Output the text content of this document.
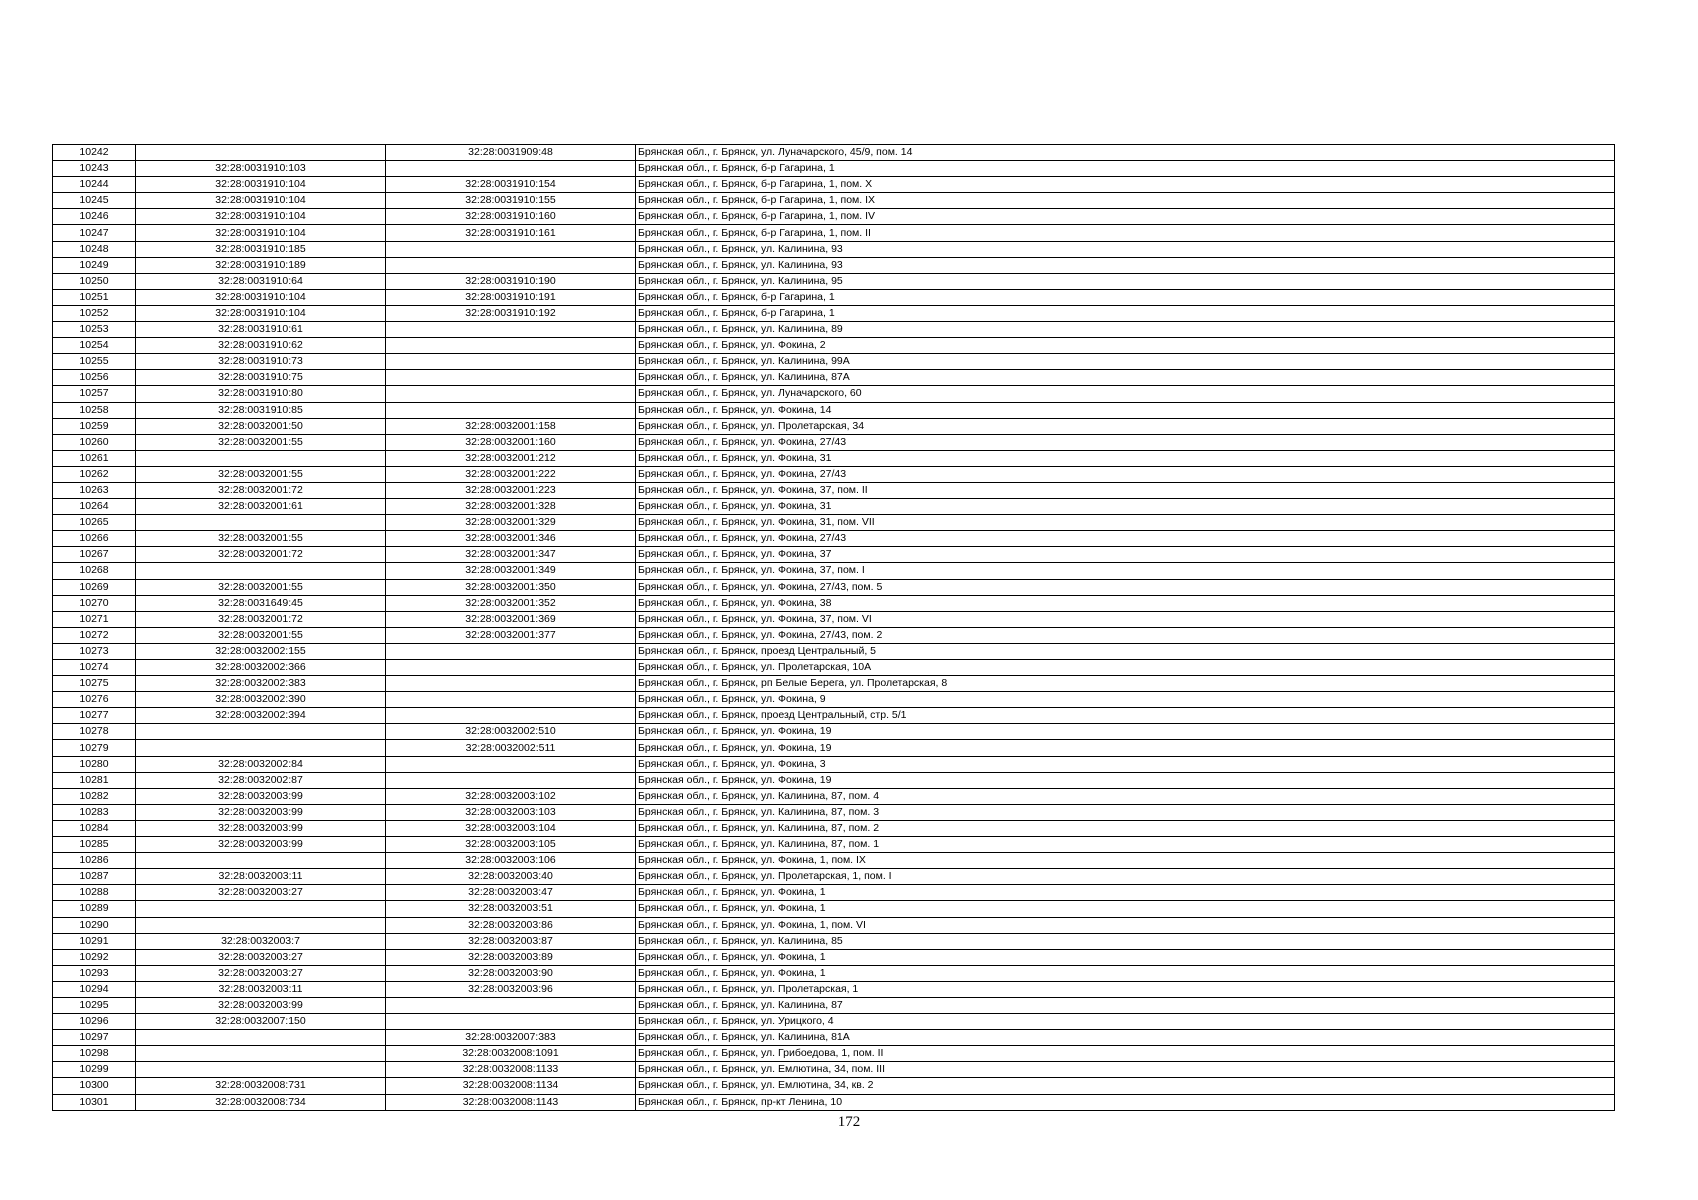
10242		32:28:0031909:48	Брянская обл., г. Брянск, ул. Луначарского, 45/9, пом. 14
10243	32:28:0031910:103		Брянская обл., г. Брянск, б-р Гагарина, 1
10244	32:28:0031910:104	32:28:0031910:154	Брянская обл., г. Брянск, б-р Гагарина, 1, пом. X
10245	32:28:0031910:104	32:28:0031910:155	Брянская обл., г. Брянск, б-р Гагарина, 1, пом. IX
10246	32:28:0031910:104	32:28:0031910:160	Брянская обл., г. Брянск, б-р Гагарина, 1, пом. IV
10247	32:28:0031910:104	32:28:0031910:161	Брянская обл., г. Брянск, б-р Гагарина, 1, пом. II
10248	32:28:0031910:185		Брянская обл., г. Брянск, ул. Калинина, 93
10249	32:28:0031910:189		Брянская обл., г. Брянск, ул. Калинина, 93
10250	32:28:0031910:64	32:28:0031910:190	Брянская обл., г. Брянск, ул. Калинина, 95
10251	32:28:0031910:104	32:28:0031910:191	Брянская обл., г. Брянск, б-р Гагарина, 1
10252	32:28:0031910:104	32:28:0031910:192	Брянская обл., г. Брянск, б-р Гагарина, 1
10253	32:28:0031910:61		Брянская обл., г. Брянск, ул. Калинина, 89
10254	32:28:0031910:62		Брянская обл., г. Брянск, ул. Фокина, 2
10255	32:28:0031910:73		Брянская обл., г. Брянск, ул. Калинина, 99А
10256	32:28:0031910:75		Брянская обл., г. Брянск, ул. Калинина, 87А
10257	32:28:0031910:80		Брянская обл., г. Брянск, ул. Луначарского, 60
10258	32:28:0031910:85		Брянская обл., г. Брянск, ул. Фокина, 14
10259	32:28:0032001:50	32:28:0032001:158	Брянская обл., г. Брянск, ул. Пролетарская, 34
10260	32:28:0032001:55	32:28:0032001:160	Брянская обл., г. Брянск, ул. Фокина, 27/43
10261		32:28:0032001:212	Брянская обл., г. Брянск, ул. Фокина, 31
10262	32:28:0032001:55	32:28:0032001:222	Брянская обл., г. Брянск, ул. Фокина, 27/43
10263	32:28:0032001:72	32:28:0032001:223	Брянская обл., г. Брянск, ул. Фокина, 37, пом. II
10264	32:28:0032001:61	32:28:0032001:328	Брянская обл., г. Брянск, ул. Фокина, 31
10265		32:28:0032001:329	Брянская обл., г. Брянск, ул. Фокина, 31, пом. VII
10266	32:28:0032001:55	32:28:0032001:346	Брянская обл., г. Брянск, ул. Фокина, 27/43
10267	32:28:0032001:72	32:28:0032001:347	Брянская обл., г. Брянск, ул. Фокина, 37
10268		32:28:0032001:349	Брянская обл., г. Брянск, ул. Фокина, 37, пом. I
10269	32:28:0032001:55	32:28:0032001:350	Брянская обл., г. Брянск, ул. Фокина, 27/43, пом. 5
10270	32:28:0031649:45	32:28:0032001:352	Брянская обл., г. Брянск, ул. Фокина, 38
10271	32:28:0032001:72	32:28:0032001:369	Брянская обл., г. Брянск, ул. Фокина, 37, пом. VI
10272	32:28:0032001:55	32:28:0032001:377	Брянская обл., г. Брянск, ул. Фокина, 27/43, пом. 2
10273	32:28:0032002:155		Брянская обл., г. Брянск, проезд Центральный, 5
10274	32:28:0032002:366		Брянская обл., г. Брянск, ул. Пролетарская, 10А
10275	32:28:0032002:383		Брянская обл., г. Брянск, рп Белые Берега, ул. Пролетарская, 8
10276	32:28:0032002:390		Брянская обл., г. Брянск, ул. Фокина, 9
10277	32:28:0032002:394		Брянская обл., г. Брянск, проезд Центральный, стр. 5/1
10278		32:28:0032002:510	Брянская обл., г. Брянск, ул. Фокина, 19
10279		32:28:0032002:511	Брянская обл., г. Брянск, ул. Фокина, 19
10280	32:28:0032002:84		Брянская обл., г. Брянск, ул. Фокина, 3
10281	32:28:0032002:87		Брянская обл., г. Брянск, ул. Фокина, 19
10282	32:28:0032003:99	32:28:0032003:102	Брянская обл., г. Брянск, ул. Калинина, 87, пом. 4
10283	32:28:0032003:99	32:28:0032003:103	Брянская обл., г. Брянск, ул. Калинина, 87, пом. 3
10284	32:28:0032003:99	32:28:0032003:104	Брянская обл., г. Брянск, ул. Калинина, 87, пом. 2
10285	32:28:0032003:99	32:28:0032003:105	Брянская обл., г. Брянск, ул. Калинина, 87, пом. 1
10286		32:28:0032003:106	Брянская обл., г. Брянск, ул. Фокина, 1, пом. IX
10287	32:28:0032003:11	32:28:0032003:40	Брянская обл., г. Брянск, ул. Пролетарская, 1, пом. I
10288	32:28:0032003:27	32:28:0032003:47	Брянская обл., г. Брянск, ул. Фокина, 1
10289		32:28:0032003:51	Брянская обл., г. Брянск, ул. Фокина, 1
10290		32:28:0032003:86	Брянская обл., г. Брянск, ул. Фокина, 1, пом. VI
10291	32:28:0032003:7	32:28:0032003:87	Брянская обл., г. Брянск, ул. Калинина, 85
10292	32:28:0032003:27	32:28:0032003:89	Брянская обл., г. Брянск, ул. Фокина, 1
10293	32:28:0032003:27	32:28:0032003:90	Брянская обл., г. Брянск, ул. Фокина, 1
10294	32:28:0032003:11	32:28:0032003:96	Брянская обл., г. Брянск, ул. Пролетарская, 1
10295	32:28:0032003:99		Брянская обл., г. Брянск, ул. Калинина, 87
10296	32:28:0032007:150		Брянская обл., г. Брянск, ул. Урицкого, 4
10297		32:28:0032007:383	Брянская обл., г. Брянск, ул. Калинина, 81А
10298		32:28:0032008:1091	Брянская обл., г. Брянск, ул. Грибоедова, 1, пом. II
10299		32:28:0032008:1133	Брянская обл., г. Брянск, ул. Емлютина, 34, пом. III
10300	32:28:0032008:731	32:28:0032008:1134	Брянская обл., г. Брянск, ул. Емлютина, 34, кв. 2
10301	32:28:0032008:734	32:28:0032008:1143	Брянская обл., г. Брянск, пр-кт Ленина, 10
172
